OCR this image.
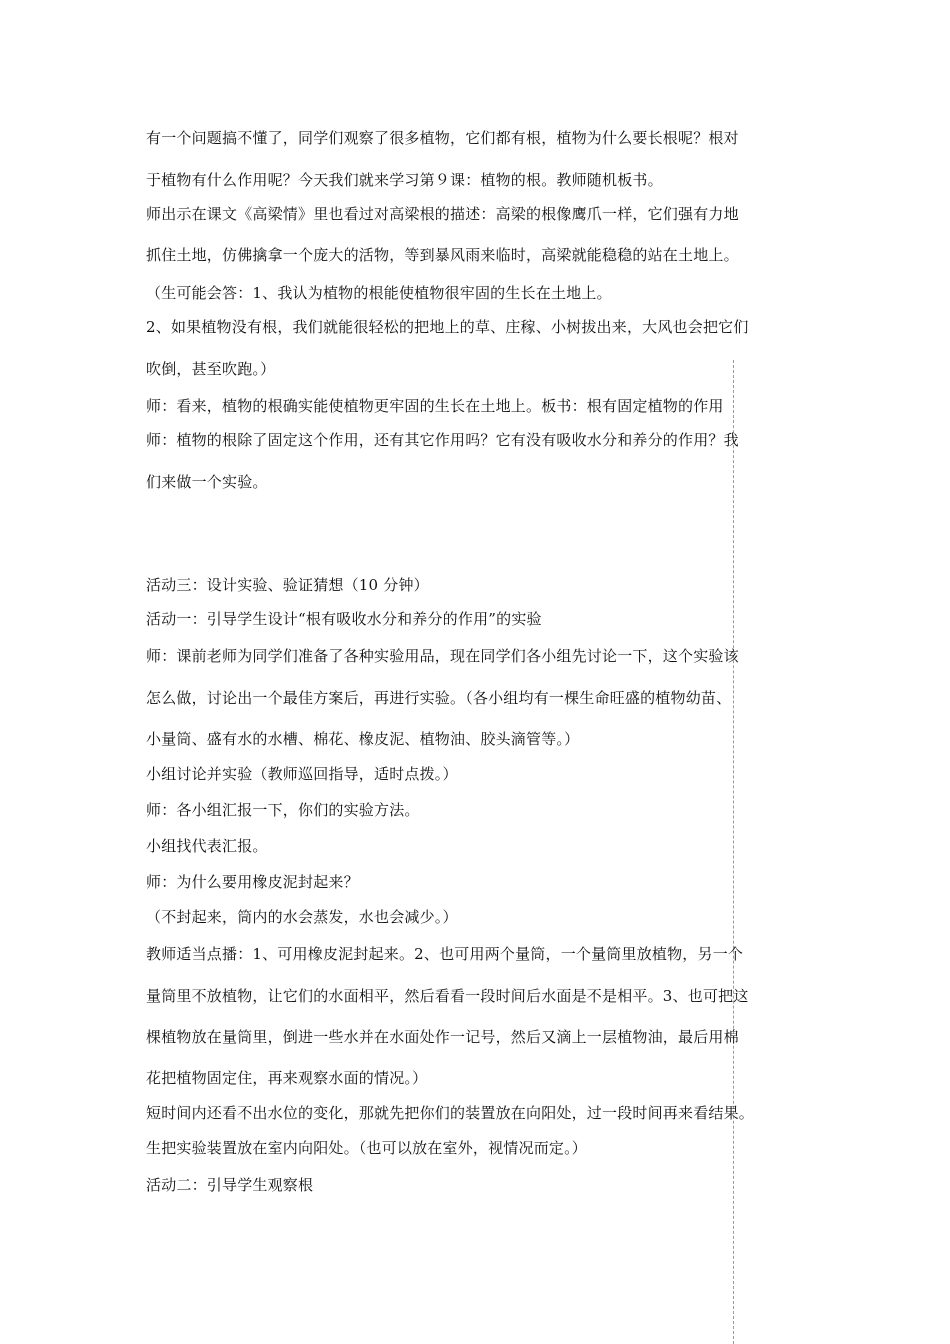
有一个问题搞不懂了，同学们观察了很多植物，它们都有根，植物为什么要长根呢？根对
于植物有什么作用呢？今天我们就来学习第９课：植物的根。教师随机板书。
师出示在课文《高梁情》里也看过对高梁根的描述：高梁的根像鹰爪一样，它们强有力地
抓住土地，仿佛擒拿一个庞大的活物，等到暴风雨来临时，高梁就能稳稳的站在土地上。
（生可能会答：1、我认为植物的根能使植物很牢固的生长在土地上。
2、如果植物没有根，我们就能很轻松的把地上的草、庄稼、小树拔出来，大风也会把它们
吹倒，甚至吹跑。）
师：看来，植物的根确实能使植物更牢固的生长在土地上。板书：根有固定植物的作用
师：植物的根除了固定这个作用，还有其它作用吗？它有没有吸收水分和养分的作用？我
们来做一个实验。
活动三：设计实验、验证猜想（10 分钟）
活动一：引导学生设计“根有吸收水分和养分的作用”的实验
师：课前老师为同学们准备了各种实验用品，现在同学们各小组先讨论一下，这个实验该
怎么做，讨论出一个最佳方案后，再进行实验。（各小组均有一棵生命旺盛的植物幼苗、
小量筒、盛有水的水槽、棉花、橡皮泥、植物油、胶头滴管等。）
小组讨论并实验（教师巡回指导，适时点拨。）
师：各小组汇报一下，你们的实验方法。
小组找代表汇报。
师：为什么要用橡皮泥封起来？
（不封起来，筒内的水会蒸发，水也会减少。）
教师适当点播：1、可用橡皮泥封起来。2、也可用两个量筒，一个量筒里放植物，另一个
量筒里不放植物，让它们的水面相平，然后看看一段时间后水面是不是相平。3、也可把这
棵植物放在量筒里，倒进一些水并在水面处作一记号，然后又滴上一层植物油，最后用棉
花把植物固定住，再来观察水面的情况。）
短时间内还看不出水位的变化，那就先把你们的装置放在向阳处，过一段时间再来看结果。
生把实验装置放在室内向阳处。（也可以放在室外，视情况而定。）
活动二：引导学生观察根
